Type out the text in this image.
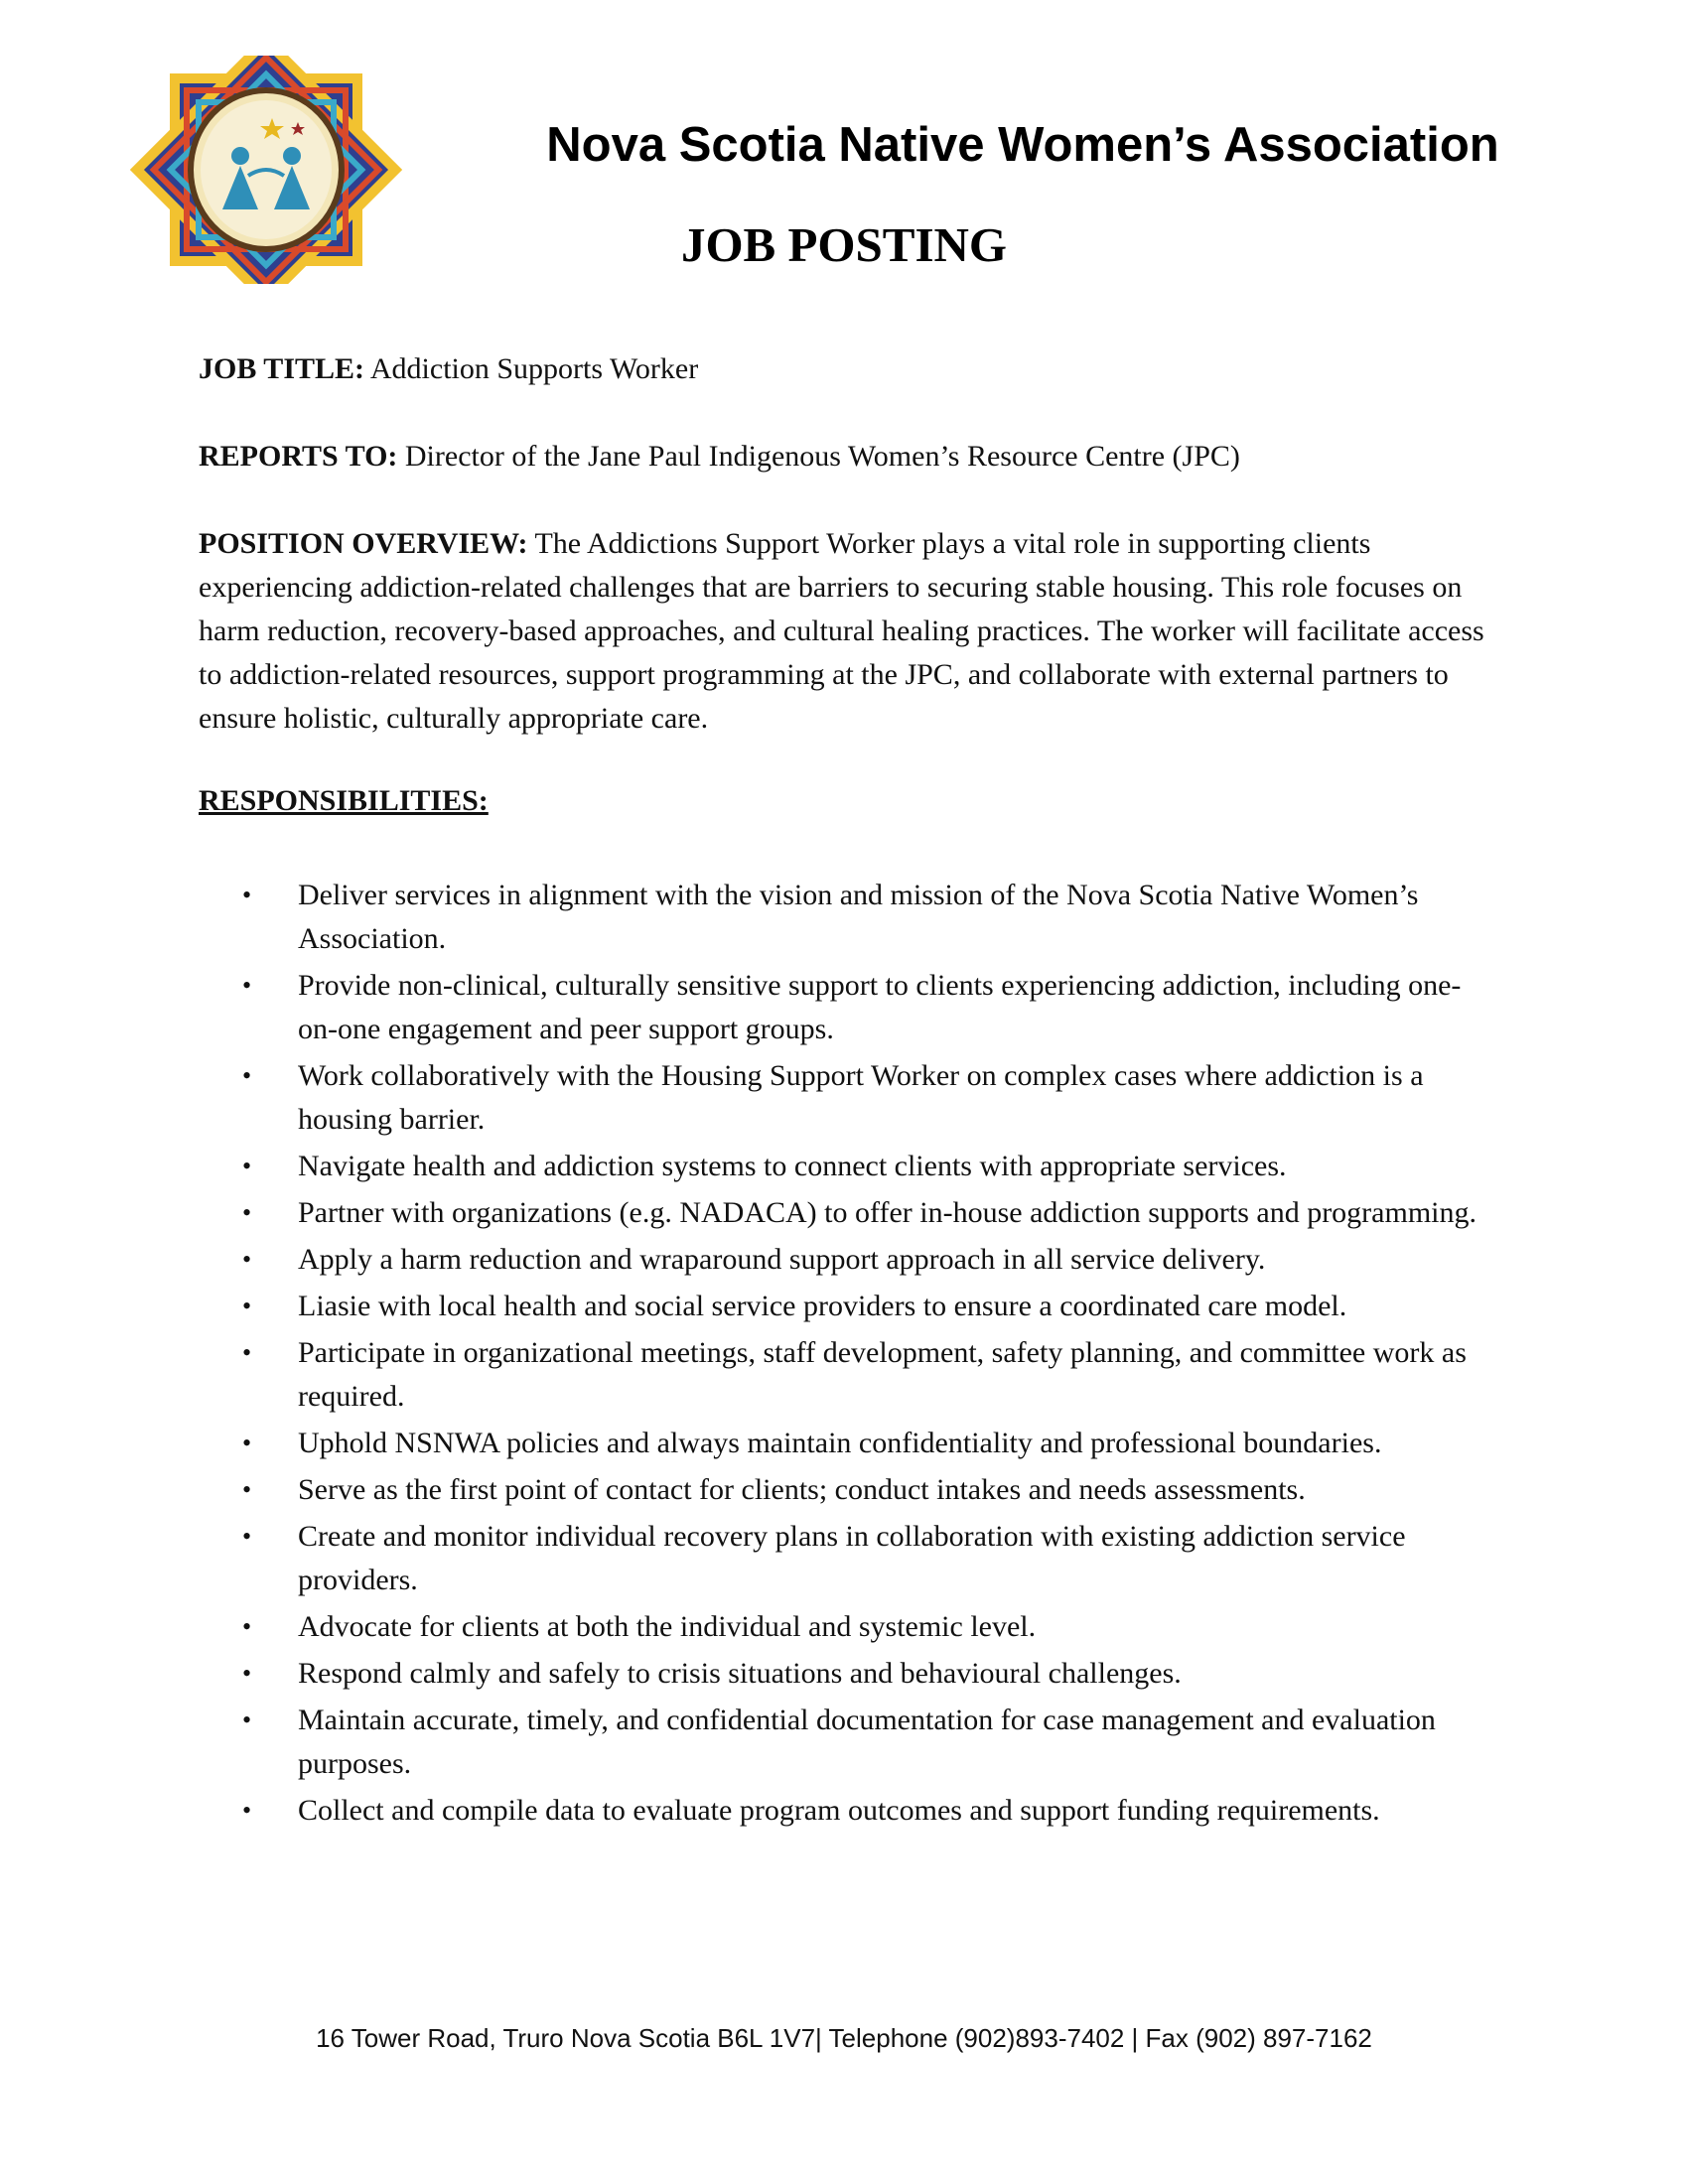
Nova Scotia Native Women’s Association
JOB POSTING
JOB TITLE: Addiction Supports Worker
REPORTS TO: Director of the Jane Paul Indigenous Women’s Resource Centre (JPC)
POSITION OVERVIEW: The Addictions Support Worker plays a vital role in supporting clients experiencing addiction-related challenges that are barriers to securing stable housing. This role focuses on harm reduction, recovery-based approaches, and cultural healing practices. The worker will facilitate access to addiction-related resources, support programming at the JPC, and collaborate with external partners to ensure holistic, culturally appropriate care.
RESPONSIBILITIES:
• Deliver services in alignment with the vision and mission of the Nova Scotia Native Women’s Association.
• Provide non-clinical, culturally sensitive support to clients experiencing addiction, including one-on-one engagement and peer support groups.
• Work collaboratively with the Housing Support Worker on complex cases where addiction is a housing barrier.
• Navigate health and addiction systems to connect clients with appropriate services.
• Partner with organizations (e.g. NADACA) to offer in-house addiction supports and programming.
• Apply a harm reduction and wraparound support approach in all service delivery.
• Liasie with local health and social service providers to ensure a coordinated care model.
• Participate in organizational meetings, staff development, safety planning, and committee work as required.
• Uphold NSNWA policies and always maintain confidentiality and professional boundaries.
• Serve as the first point of contact for clients; conduct intakes and needs assessments.
• Create and monitor individual recovery plans in collaboration with existing addiction service providers.
• Advocate for clients at both the individual and systemic level.
• Respond calmly and safely to crisis situations and behavioural challenges.
• Maintain accurate, timely, and confidential documentation for case management and evaluation purposes.
• Collect and compile data to evaluate program outcomes and support funding requirements.
16 Tower Road, Truro Nova Scotia B6L 1V7| Telephone (902)893-7402 | Fax (902) 897-7162
